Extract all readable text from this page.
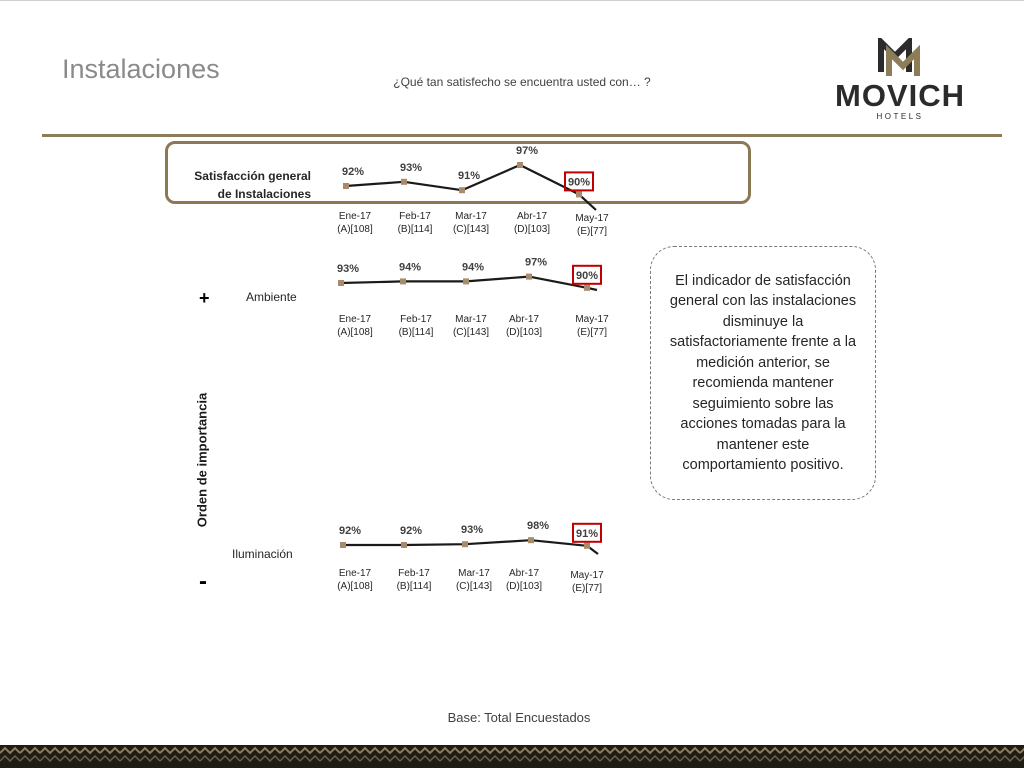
Instalaciones	¿Qué tan satisfecho se encuentra usted con… ?	MOVICH
HOTELS
Satisfacción general
de Instalaciones
Ambiente
Iluminación
+
-
Orden de importancia
92%	93%
91%
97%
90%
93%	94%	94%	97%
90%
92%	92%	93%	98%
91%
Ene-17
(A)[108]
Feb-17
(B)[114]
Mar-17
(C)[143]
Abr-17
(D)[103]
May-17
(E)[77]
Ene-17
(A)[108]
Feb-17
(B)[114]
Mar-17
(C)[143]
Abr-17
(D)[103]
May-17
(E)[77]
Ene-17
(A)[108]
Feb-17
(B)[114]
Mar-17
(C)[143]
Abr-17
(D)[103]
May-17
(E)[77]
El indicador de satisfacción general con las instalaciones disminuye la satisfactoriamente frente a la medición anterior, se recomienda mantener seguimiento sobre las acciones tomadas para la mantener este comportamiento positivo.
Base: Total Encuestados
